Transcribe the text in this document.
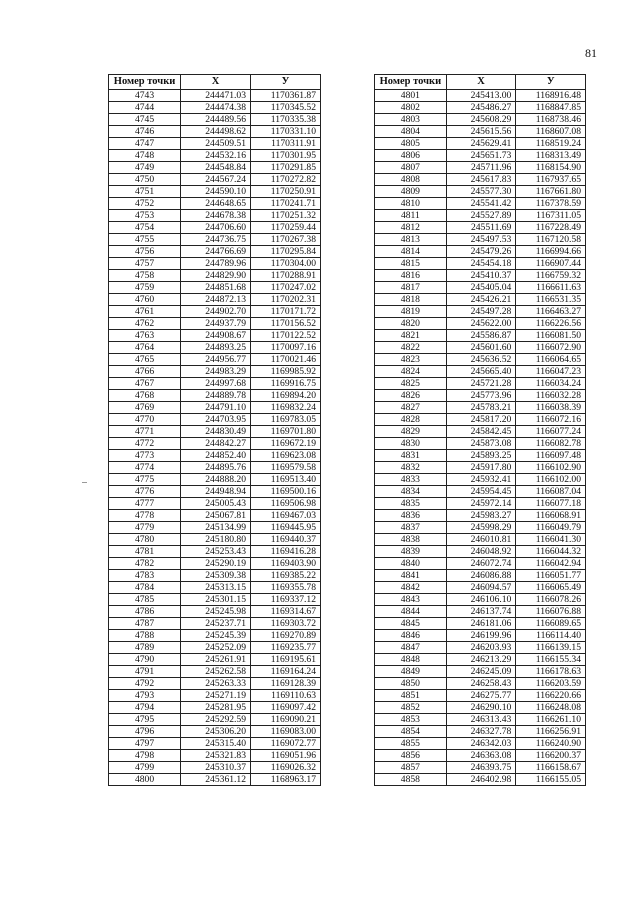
81
Номер точки	X	У
4743	244471.03	1170361.87
4744	244474.38	1170345.52
4745	244489.56	1170335.38
4746	244498.62	1170331.10
4747	244509.51	1170311.91
4748	244532.16	1170301.95
4749	244548.84	1170291.85
4750	244567.24	1170272.82
4751	244590.10	1170250.91
4752	244648.65	1170241.71
4753	244678.38	1170251.32
4754	244706.60	1170259.44
4755	244736.75	1170267.38
4756	244766.69	1170295.84
4757	244789.96	1170304.00
4758	244829.90	1170288.91
4759	244851.68	1170247.02
4760	244872.13	1170202.31
4761	244902.70	1170171.72
4762	244937.79	1170156.52
4763	244908.67	1170122.52
4764	244893.25	1170097.16
4765	244956.77	1170021.46
4766	244983.29	1169985.92
4767	244997.68	1169916.75
4768	244889.78	1169894.20
4769	244791.10	1169832.24
4770	244703.95	1169783.05
4771	244830.49	1169701.80
4772	244842.27	1169672.19
4773	244852.40	1169623.08
4774	244895.76	1169579.58
4775	244888.20	1169513.40
4776	244948.94	1169500.16
4777	245005.43	1169506.98
4778	245067.81	1169467.03
4779	245134.99	1169445.95
4780	245180.80	1169440.37
4781	245253.43	1169416.28
4782	245290.19	1169403.90
4783	245309.38	1169385.22
4784	245313.15	1169355.78
4785	245301.15	1169337.12
4786	245245.98	1169314.67
4787	245237.71	1169303.72
4788	245245.39	1169270.89
4789	245252.09	1169235.77
4790	245261.91	1169195.61
4791	245262.58	1169164.24
4792	245263.33	1169128.39
4793	245271.19	1169110.63
4794	245281.95	1169097.42
4795	245292.59	1169090.21
4796	245306.20	1169083.00
4797	245315.40	1169072.77
4798	245321.83	1169051.96
4799	245310.37	1169026.32
4800	245361.12	1168963.17
Номер точки	X	У
4801	245413.00	1168916.48
4802	245486.27	1168847.85
4803	245608.29	1168738.46
4804	245615.56	1168607.08
4805	245629.41	1168519.24
4806	245651.73	1168313.49
4807	245711.96	1168154.90
4808	245617.83	1167937.65
4809	245577.30	1167661.80
4810	245541.42	1167378.59
4811	245527.89	1167311.05
4812	245511.69	1167228.49
4813	245497.53	1167120.58
4814	245479.26	1166994.66
4815	245454.18	1166907.44
4816	245410.37	1166759.32
4817	245405.04	1166611.63
4818	245426.21	1166531.35
4819	245497.28	1166463.27
4820	245622.00	1166226.56
4821	245586.87	1166081.50
4822	245601.60	1166072.90
4823	245636.52	1166064.65
4824	245665.40	1166047.23
4825	245721.28	1166034.24
4826	245773.96	1166032.28
4827	245783.21	1166038.39
4828	245817.20	1166072.16
4829	245842.45	1166077.24
4830	245873.08	1166082.78
4831	245893.25	1166097.48
4832	245917.80	1166102.90
4833	245932.41	1166102.00
4834	245954.45	1166087.04
4835	245972.14	1166077.18
4836	245983.27	1166068.91
4837	245998.29	1166049.79
4838	246010.81	1166041.30
4839	246048.92	1166044.32
4840	246072.74	1166042.94
4841	246086.88	1166051.77
4842	246094.57	1166065.49
4843	246106.10	1166078.26
4844	246137.74	1166076.88
4845	246181.06	1166089.65
4846	246199.96	1166114.40
4847	246203.93	1166139.15
4848	246213.29	1166155.34
4849	246245.09	1166178.63
4850	246258.43	1166203.59
4851	246275.77	1166220.66
4852	246290.10	1166248.08
4853	246313.43	1166261.10
4854	246327.78	1166256.91
4855	246342.03	1166240.90
4856	246363.08	1166200.37
4857	246393.75	1166158.67
4858	246402.98	1166155.05
